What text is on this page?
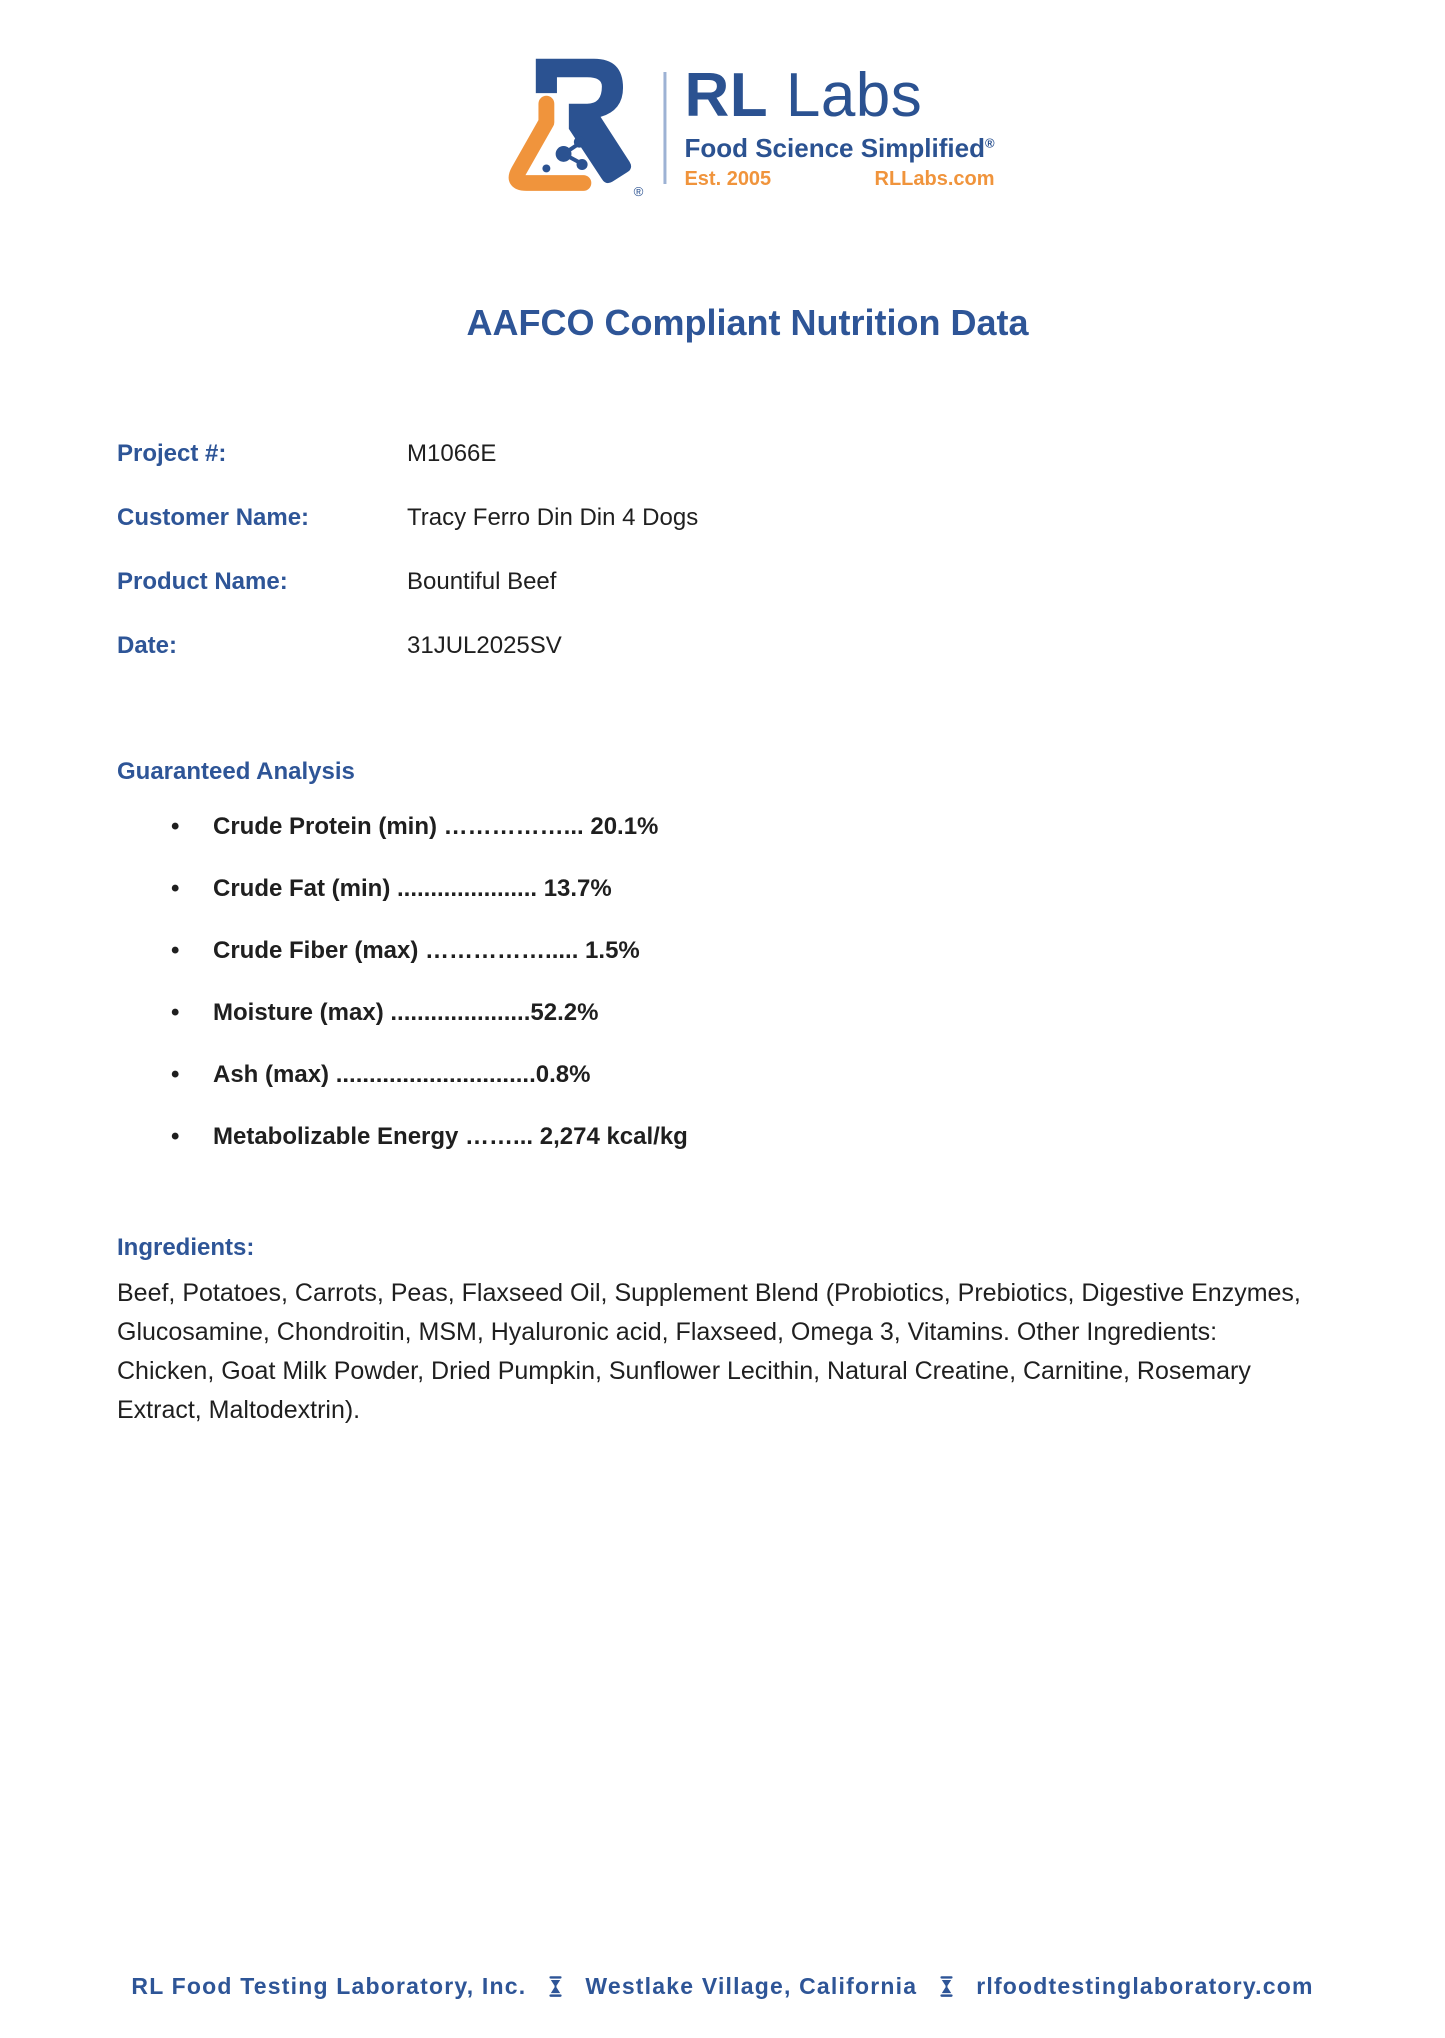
®
RL Labs
Food Science Simplified®
Est. 2005	RLLabs.com
AAFCO Compliant Nutrition Data
Project #:	M1066E
Customer Name:	Tracy Ferro Din Din 4 Dogs
Product Name:	Bountiful Beef
Date:	31JUL2025SV
Guaranteed Analysis
•	Crude Protein (min) ……………... 20.1%
•	Crude Fat (min) ..................... 13.7%
•	Crude Fiber (max) ……………..... 1.5%
•	Moisture (max) .....................52.2%
•	Ash (max) ..............................0.8%
•	Metabolizable Energy ……... 2,274 kcal/kg
Ingredients:
Beef, Potatoes, Carrots, Peas, Flaxseed Oil, Supplement Blend (Probiotics, Prebiotics, Digestive Enzymes,
Glucosamine, Chondroitin, MSM, Hyaluronic acid, Flaxseed, Omega 3, Vitamins. Other Ingredients:
Chicken, Goat Milk Powder, Dried Pumpkin, Sunflower Lecithin, Natural Creatine, Carnitine, Rosemary
Extract, Maltodextrin).
RL Food Testing Laboratory, Inc.	Westlake Village, California	rlfoodtestinglaboratory.com
